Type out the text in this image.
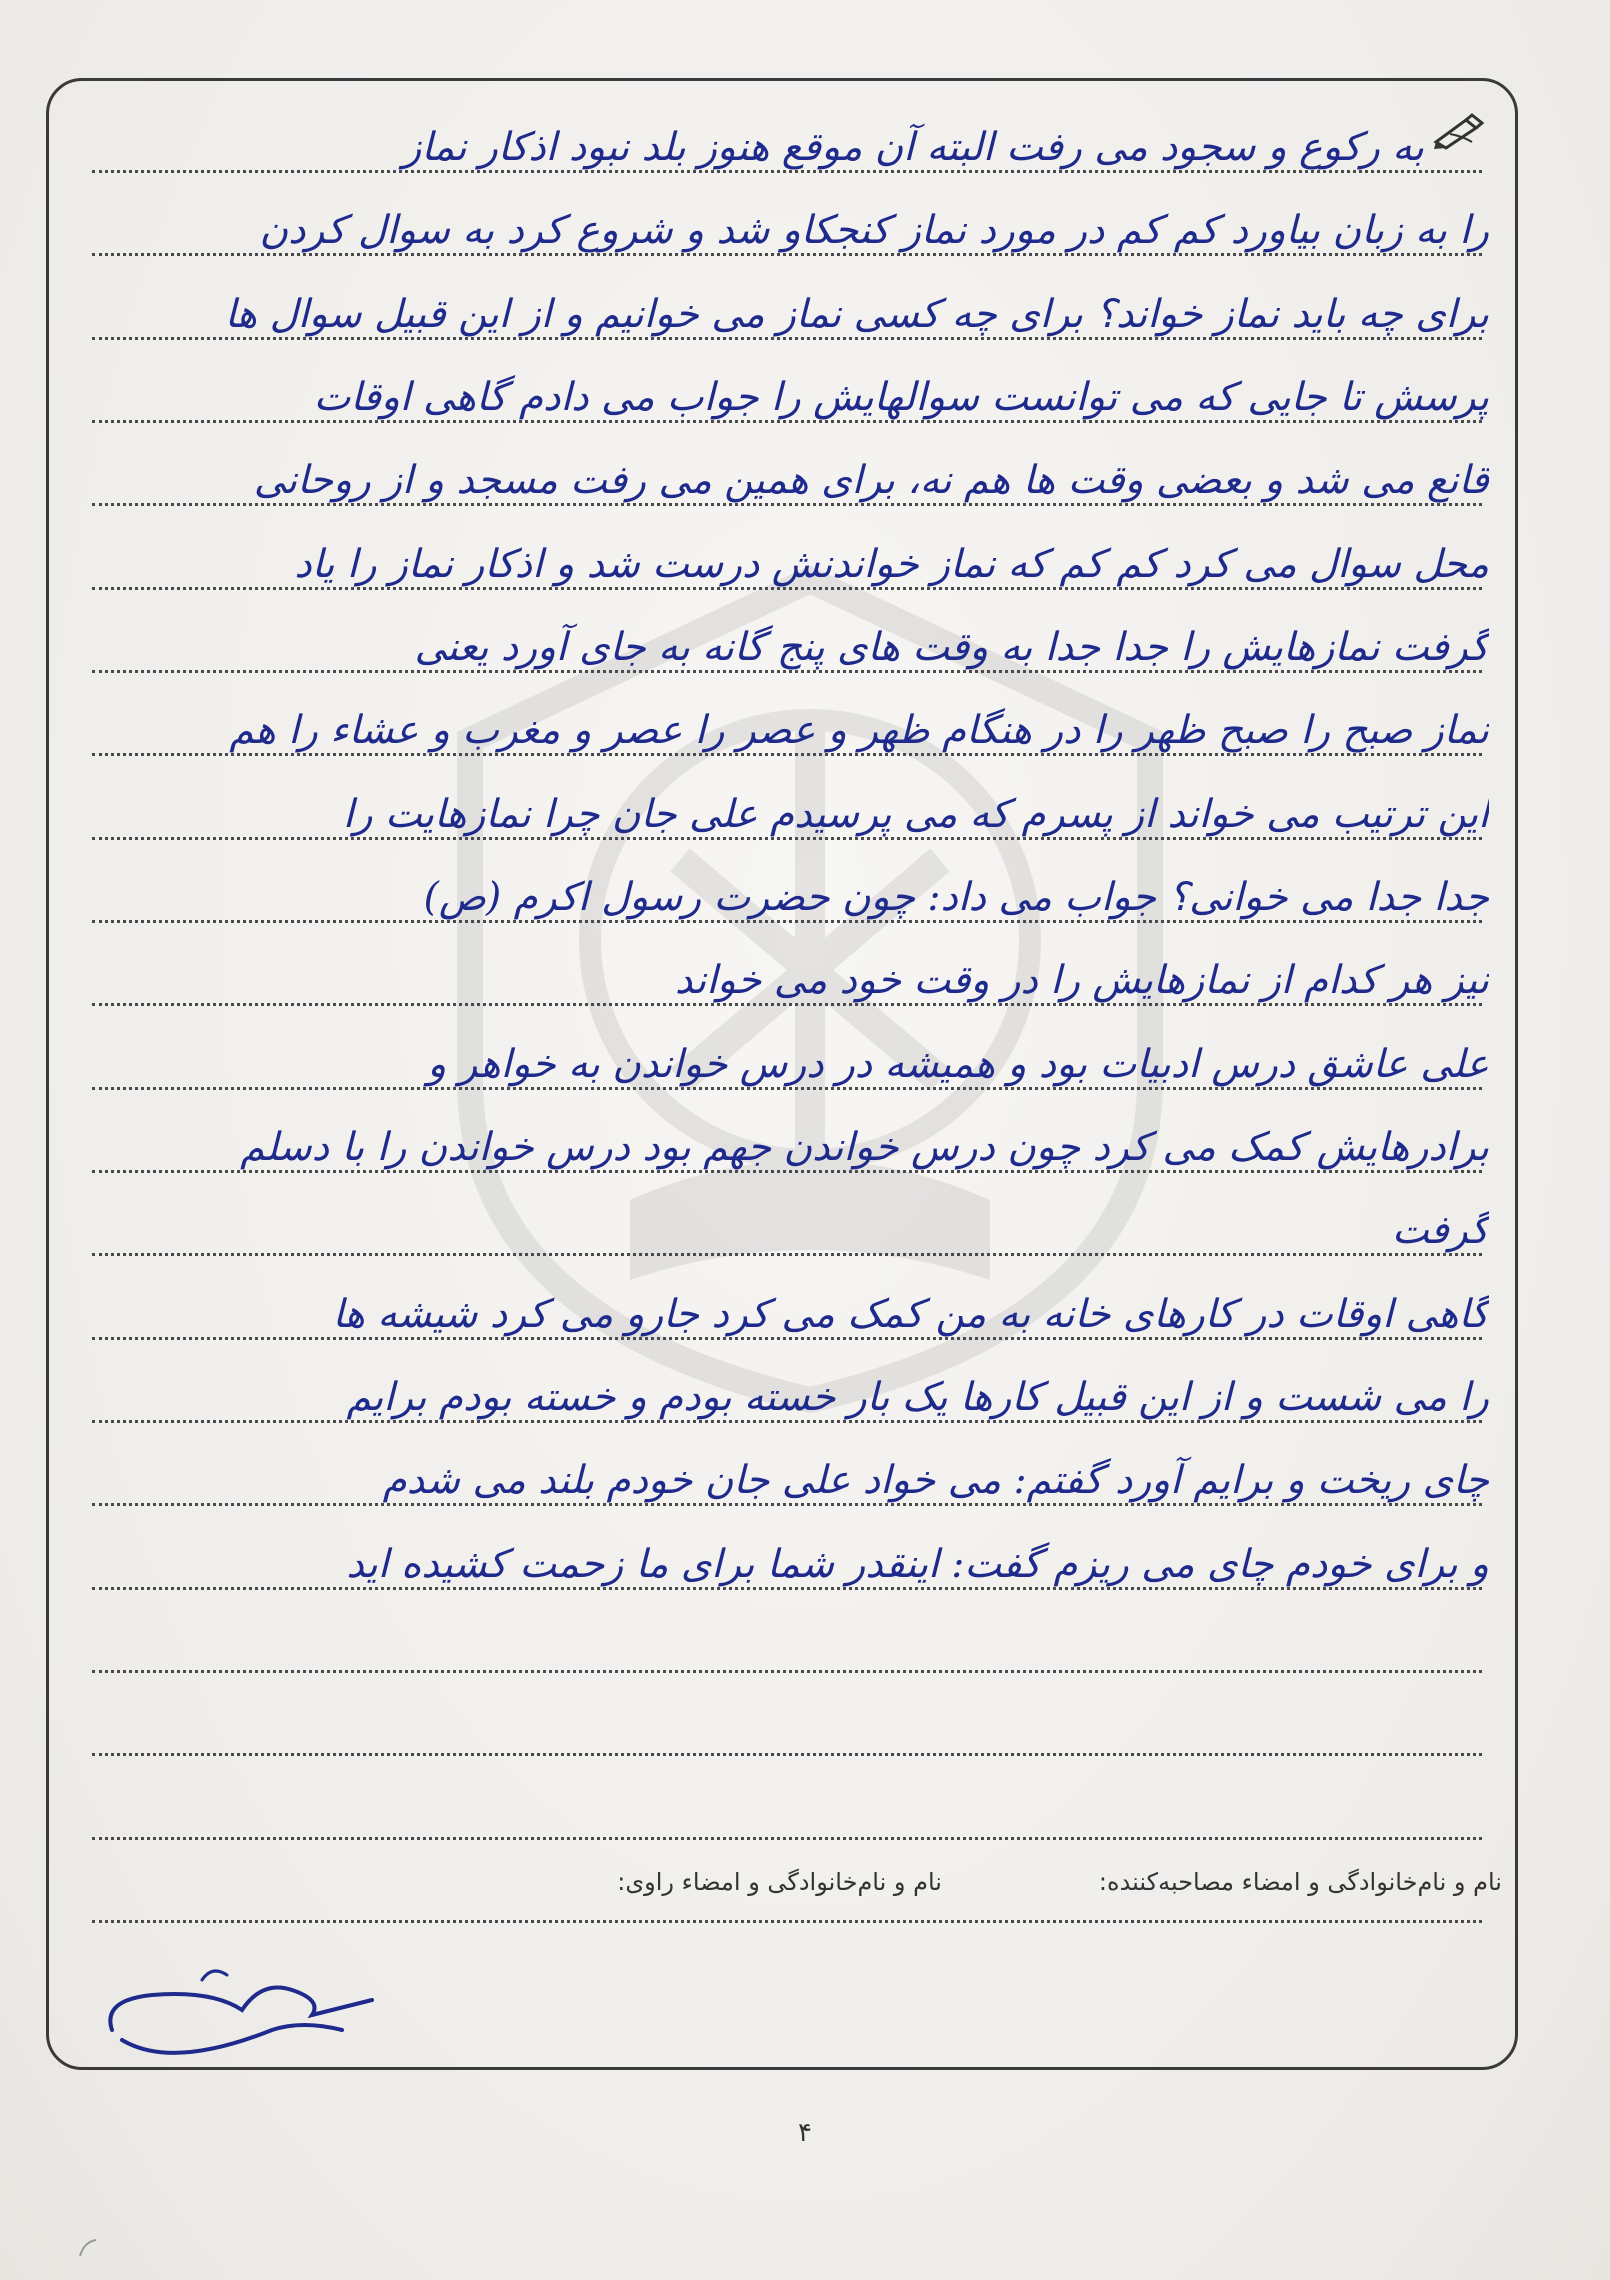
به رکوع و سجود می رفت البته آن موقع هنوز بلد نبود اذکار نماز
را به زبان بیاورد کم کم در مورد نماز کنجکاو شد و شروع کرد به سوال کردن
برای چه باید نماز خواند؟ برای چه کسی نماز می خوانیم و از این قبیل سوال ها
پرسش تا جایی که می توانست سوالهایش را جواب می دادم گاهی اوقات
قانع می شد و بعضی وقت ها هم نه، برای همین می رفت مسجد و از روحانی
محل سوال می کرد کم کم که نماز خواندنش درست شد و اذکار نماز را یاد
گرفت نمازهایش را جدا جدا به وقت های پنج گانه به جای آورد یعنی
نماز صبح را صبح ظهر را در هنگام ظهر و عصر را عصر و مغرب و عشاء را هم
این ترتیب می خواند از پسرم که می پرسیدم علی جان چرا نمازهایت را
جدا جدا می خوانی؟ جواب می داد: چون حضرت رسول اکرم (ص)
نیز هر کدام از نمازهایش را در وقت خود می خواند
علی عاشق درس ادبیات بود و همیشه در درس خواندن به خواهر و
برادرهایش کمک می کرد چون درس خواندن جهم بود درس خواندن را با دسلم
گرفت
گاهی اوقات در کارهای خانه به من کمک می کرد جارو می کرد شیشه ها
را می شست و از این قبیل کارها یک بار خسته بودم و خسته بودم برایم
چای ریخت و برایم آورد گفتم: می خواد علی جان خودم بلند می شدم
و برای خودم چای می ریزم گفت: اینقدر شما برای ما زحمت کشیده اید
نام و نام‌خانوادگی و امضاء مصاحبه‌کننده:
نام و نام‌خانوادگی و امضاء راوی:
۴
